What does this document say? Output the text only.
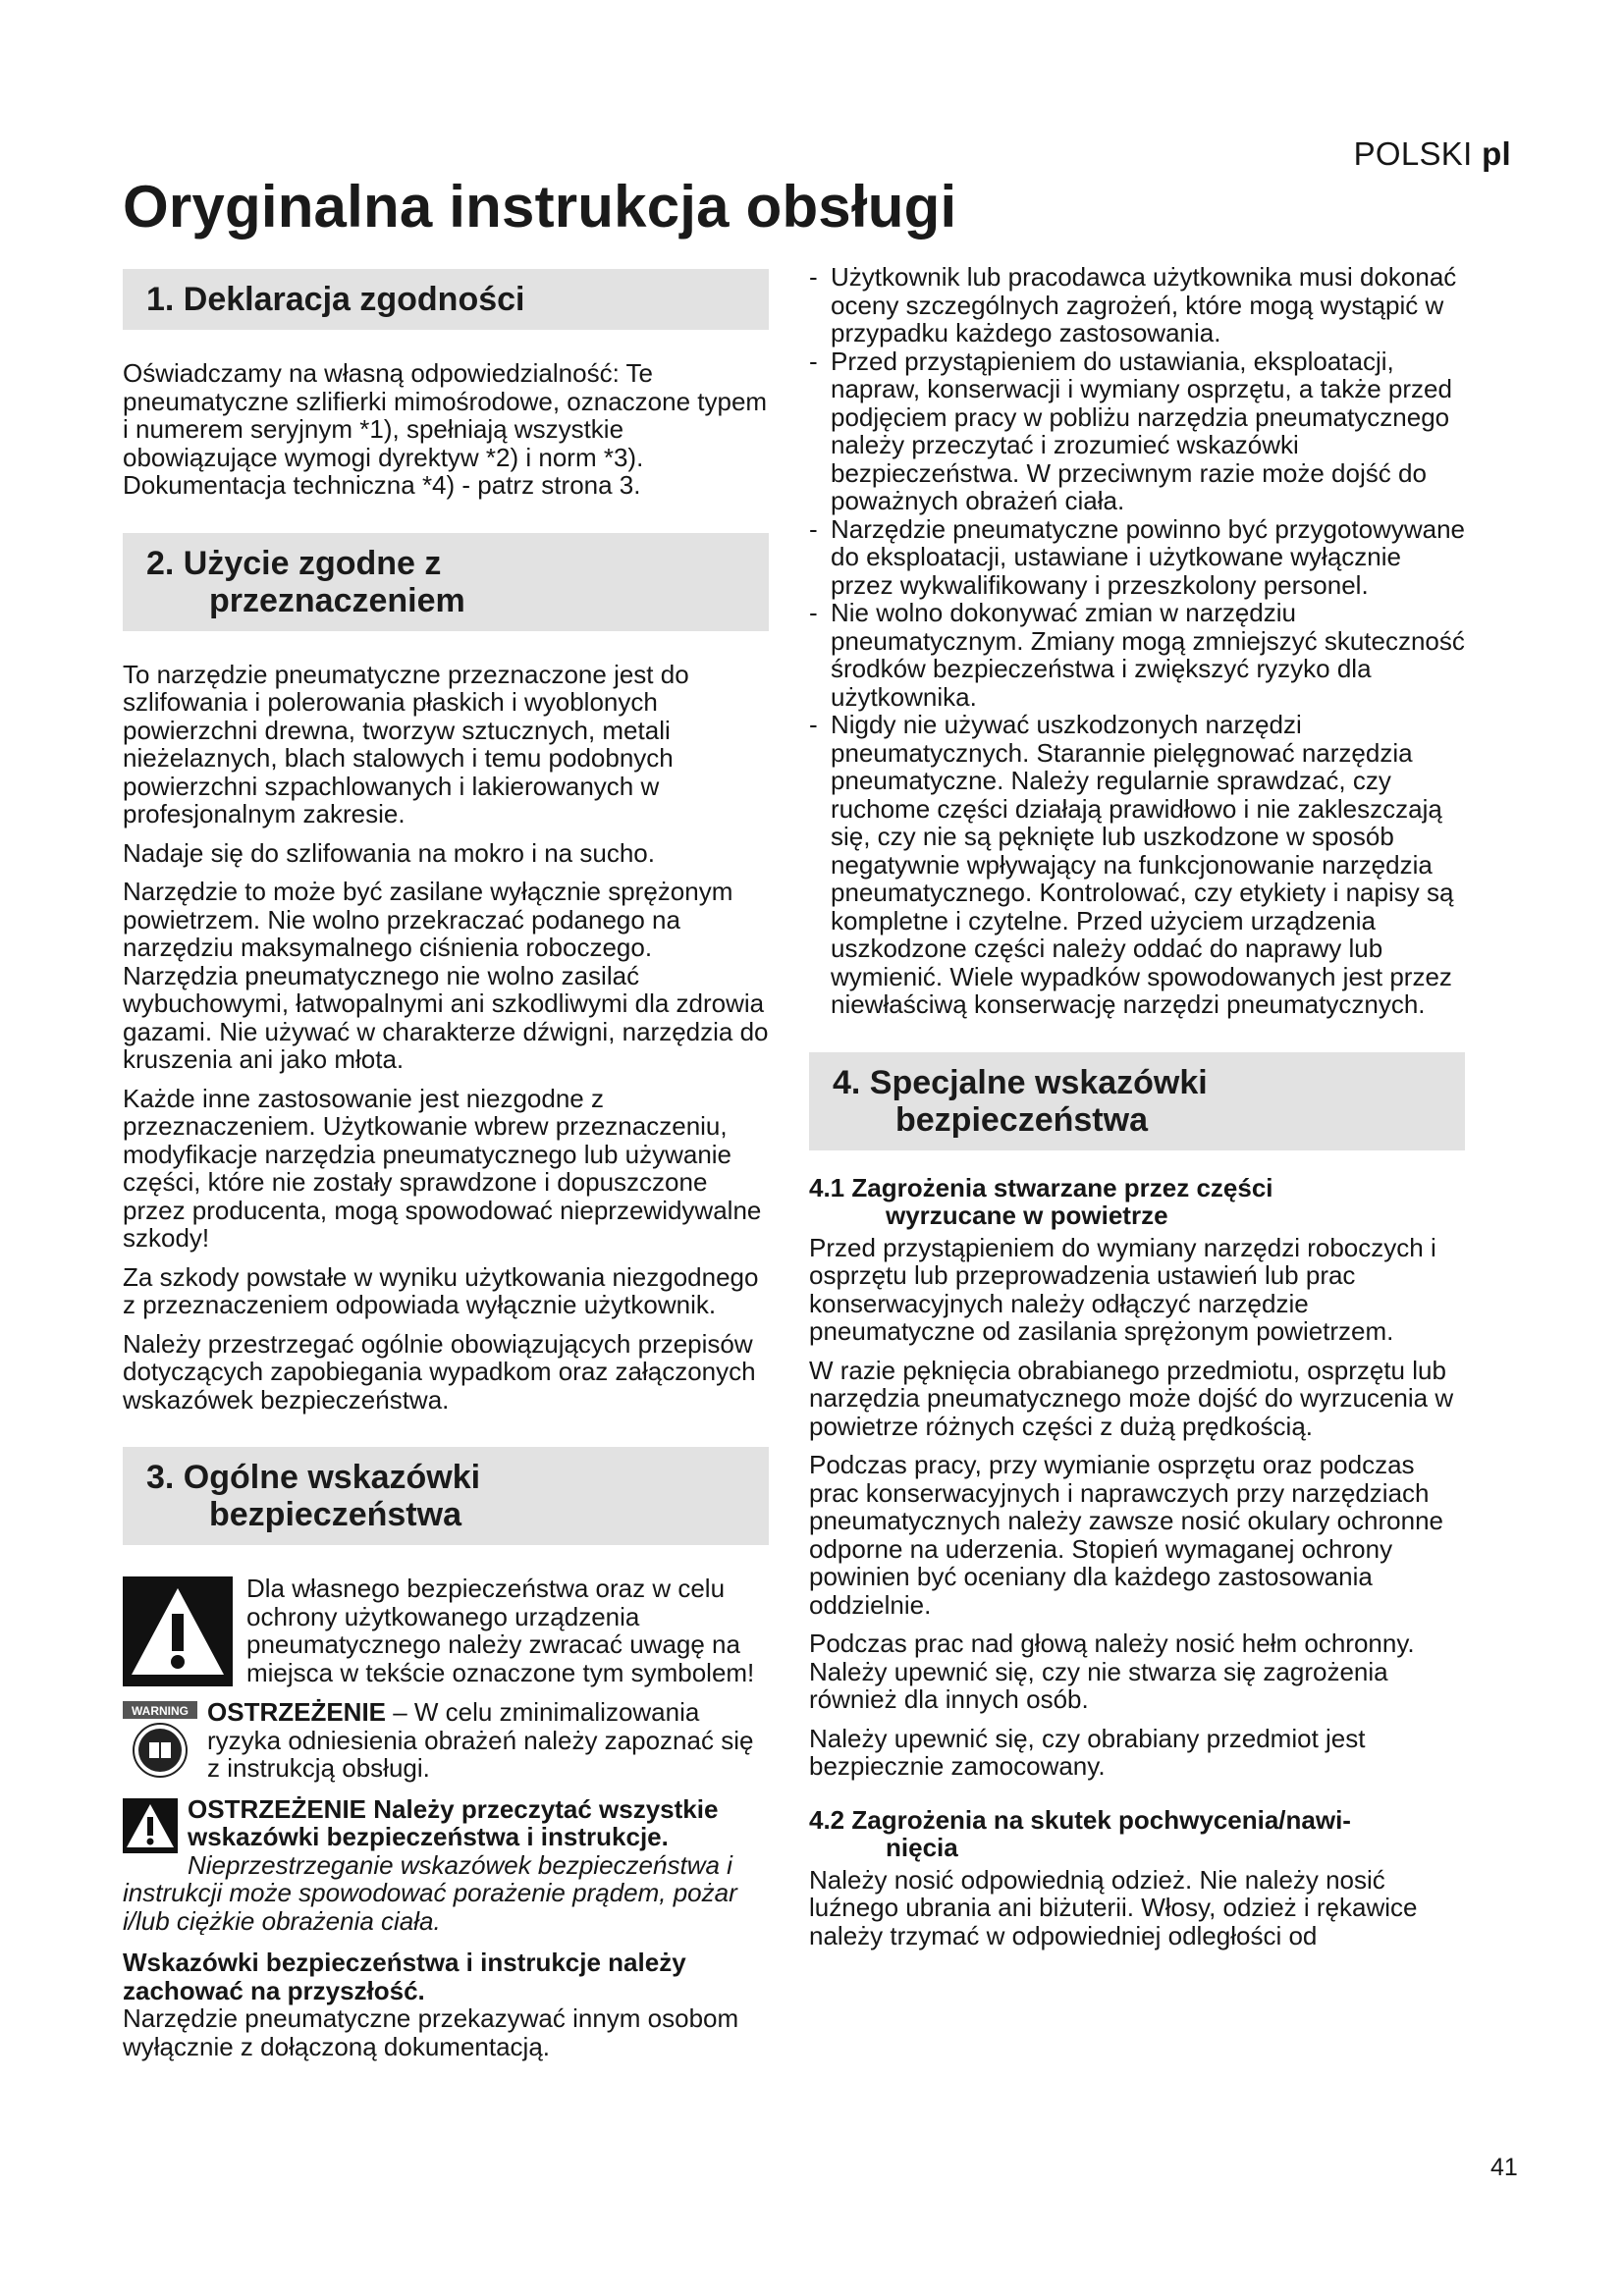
POLSKI pl
Oryginalna instrukcja obsługi
1. Deklaracja zgodności

Oświadczamy na własną odpowiedzialność: Te pneumatyczne szlifierki mimośrodowe, oznaczone typem i numerem seryjnym *1), spełniają wszystkie obowiązujące wymogi dyrektyw *2) i norm *3). Dokumentacja techniczna *4) - patrz strona 3.

2. Użycie zgodne z
przeznaczeniem

To narzędzie pneumatyczne przeznaczone jest do szlifowania i polerowania płaskich i wyoblonych powierzchni drewna, tworzyw sztucznych, metali nieżelaznych, blach stalowych i temu podobnych powierzchni szpachlowanych i lakierowanych w profesjonalnym zakresie.

Nadaje się do szlifowania na mokro i na sucho.

Narzędzie to może być zasilane wyłącznie sprężonym powietrzem. Nie wolno przekraczać podanego na narzędziu maksymalnego ciśnienia roboczego. Narzędzia pneumatycznego nie wolno zasilać wybuchowymi, łatwopalnymi ani szkodliwymi dla zdrowia gazami. Nie używać w charakterze dźwigni, narzędzia do kruszenia ani jako młota.

Każde inne zastosowanie jest niezgodne z przeznaczeniem. Użytkowanie wbrew przeznaczeniu, modyfikacje narzędzia pneumatycznego lub używanie części, które nie zostały sprawdzone i dopuszczone przez producenta, mogą spowodować nieprzewidywalne szkody!

Za szkody powstałe w wyniku użytkowania niezgodnego z przeznaczeniem odpowiada wyłącznie użytkownik.

Należy przestrzegać ogólnie obowiązujących przepisów dotyczących zapobiegania wypadkom oraz załączonych wskazówek bezpieczeństwa.

3. Ogólne wskazówki
bezpieczeństwa
Dla własnego bezpieczeństwa oraz w celu ochrony użytkowanego urządzenia pneumatycznego należy zwracać uwagę na miejsca w tekście oznaczone tym symbolem!
WARNING OSTRZEŻENIE – W celu zminimalizowania ryzyka odniesienia obrażeń należy zapoznać się z instrukcją obsługi.
OSTRZEŻENIE Należy przeczytać wszystkie wskazówki bezpieczeństwa i instrukcje. Nieprzestrzeganie wskazówek bezpieczeństwa i instrukcji może spowodować porażenie prądem, pożar i/lub ciężkie obrażenia ciała.

Wskazówki bezpieczeństwa i instrukcje należy zachować na przyszłość.

Narzędzie pneumatyczne przekazywać innym osobom wyłącznie z dołączoną dokumentacją.

- Użytkownik lub pracodawca użytkownika musi dokonać oceny szczególnych zagrożeń, które mogą wystąpić w przypadku każdego zastosowania.
- Przed przystąpieniem do ustawiania, eksploatacji, napraw, konserwacji i wymiany osprzętu, a także przed podjęciem pracy w pobliżu narzędzia pneumatycznego należy przeczytać i zrozumieć wskazówki bezpieczeństwa. W przeciwnym razie może dojść do poważnych obrażeń ciała.
- Narzędzie pneumatyczne powinno być przygotowywane do eksploatacji, ustawiane i użytkowane wyłącznie przez wykwalifikowany i przeszkolony personel.
- Nie wolno dokonywać zmian w narzędziu pneumatycznym. Zmiany mogą zmniejszyć skuteczność środków bezpieczeństwa i zwiększyć ryzyko dla użytkownika.
- Nigdy nie używać uszkodzonych narzędzi pneumatycznych. Starannie pielęgnować narzędzia pneumatyczne. Należy regularnie sprawdzać, czy ruchome części działają prawidłowo i nie zakleszczają się, czy nie są pęknięte lub uszkodzone w sposób negatywnie wpływający na funkcjonowanie narzędzia pneumatycznego. Kontrolować, czy etykiety i napisy są kompletne i czytelne. Przed użyciem urządzenia uszkodzone części należy oddać do naprawy lub wymienić. Wiele wypadków spowodowanych jest przez niewłaściwą konserwację narzędzi pneumatycznych.
4. Specjalne wskazówki
bezpieczeństwa
4.1 Zagrożenia stwarzane przez części
wyrzucane w powietrze

Przed przystąpieniem do wymiany narzędzi roboczych i osprzętu lub przeprowadzenia ustawień lub prac konserwacyjnych należy odłączyć narzędzie pneumatyczne od zasilania sprężonym powietrzem.

W razie pęknięcia obrabianego przedmiotu, osprzętu lub narzędzia pneumatycznego może dojść do wyrzucenia w powietrze różnych części z dużą prędkością.

Podczas pracy, przy wymianie osprzętu oraz podczas prac konserwacyjnych i naprawczych przy narzędziach pneumatycznych należy zawsze nosić okulary ochronne odporne na uderzenia. Stopień wymaganej ochrony powinien być oceniany dla każdego zastosowania oddzielnie.

Podczas prac nad głową należy nosić hełm ochronny. Należy upewnić się, czy nie stwarza się zagrożenia również dla innych osób.

Należy upewnić się, czy obrabiany przedmiot jest bezpiecznie zamocowany.

4.2 Zagrożenia na skutek pochwycenia/nawi-
nięcia

Należy nosić odpowiednią odzież. Nie należy nosić luźnego ubrania ani biżuterii. Włosy, odzież i rękawice należy trzymać w odpowiedniej odległości od

41
